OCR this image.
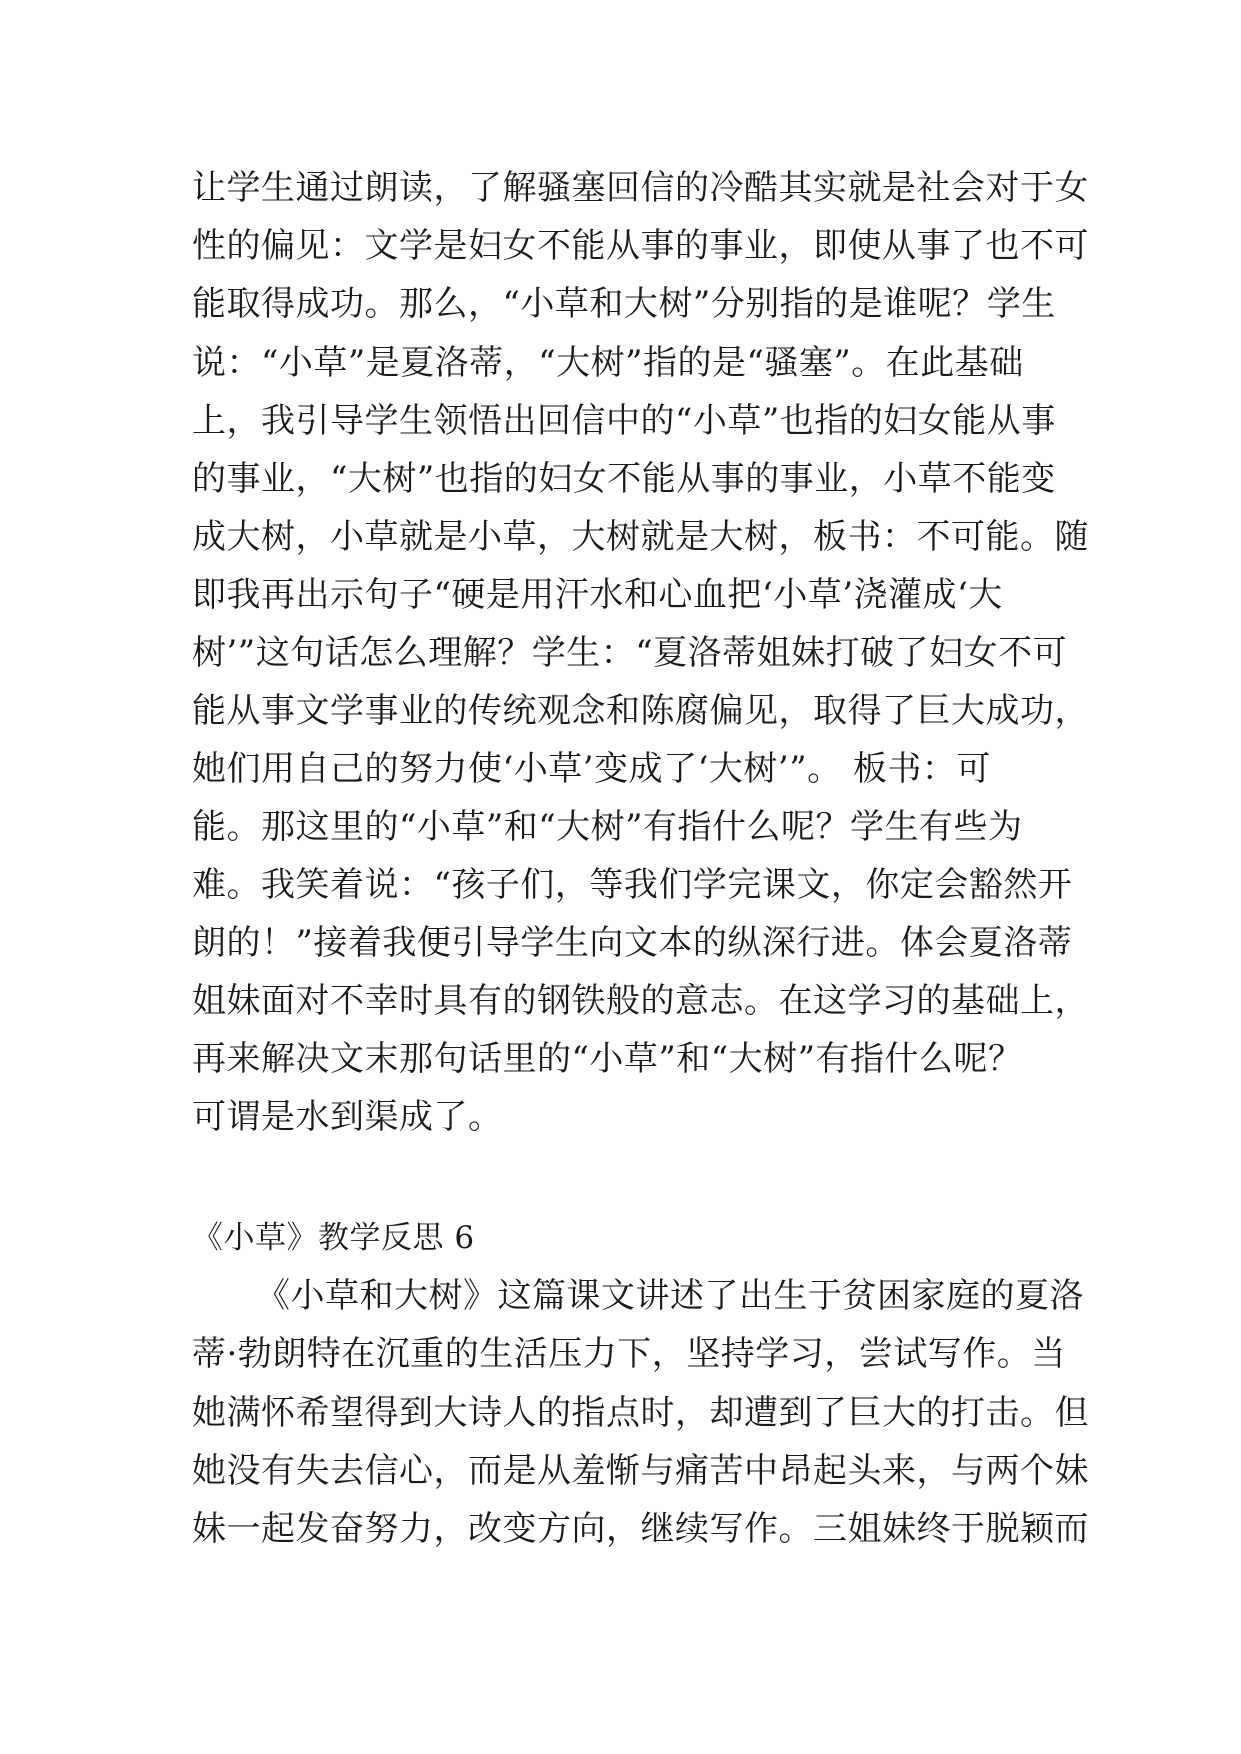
让学生通过朗读，了解骚塞回信的冷酷其实就是社会对于女
性的偏见：文学是妇女不能从事的事业，即使从事了也不可
能取得成功。那么，“小草和大树”分别指的是谁呢？学生
说：“小草”是夏洛蒂，“大树”指的是“骚塞”。在此基础
上，我引导学生领悟出回信中的“小草”也指的妇女能从事
的事业，“大树”也指的妇女不能从事的事业，小草不能变
成大树，小草就是小草，大树就是大树，板书：不可能。随
即我再出示句子“硬是用汗水和心血把‘小草’浇灌成‘大
树’”这句话怎么理解？学生：“夏洛蒂姐妹打破了妇女不可
能从事文学事业的传统观念和陈腐偏见，取得了巨大成功，
她们用自己的努力使‘小草’变成了‘大树’”。 板书：可
能。那这里的“小草”和“大树”有指什么呢？学生有些为
难。我笑着说：“孩子们，等我们学完课文，你定会豁然开
朗的！”接着我便引导学生向文本的纵深行进。体会夏洛蒂
姐妹面对不幸时具有的钢铁般的意志。在这学习的基础上，
再来解决文末那句话里的“小草”和“大树”有指什么呢？
可谓是水到渠成了。
《小草》教学反思 6
《小草和大树》这篇课文讲述了出生于贫困家庭的夏洛
蒂·勃朗特在沉重的生活压力下，坚持学习，尝试写作。当
她满怀希望得到大诗人的指点时，却遭到了巨大的打击。但
她没有失去信心，而是从羞惭与痛苦中昂起头来，与两个妹
妹一起发奋努力，改变方向，继续写作。三姐妹终于脱颖而
